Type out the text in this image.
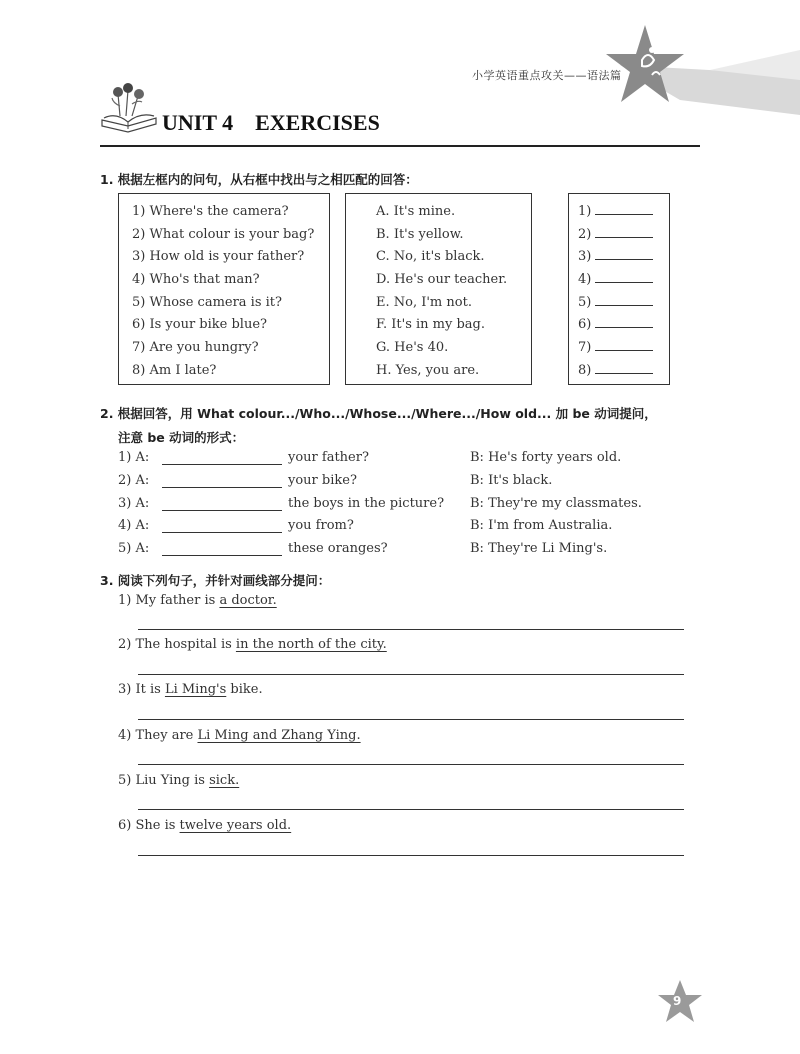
小学英语重点攻关——语法篇
UNIT 4    EXERCISES
1. 根据左框内的问句，从右框中找出与之相匹配的回答：
1) Where's the camera?
2) What colour is your bag?
3) How old is your father?
4) Who's that man?
5) Whose camera is it?
6) Is your bike blue?
7) Are you hungry?
8) Am I late?
A. It's mine.
B. It's yellow.
C. No, it's black.
D. He's our teacher.
E. No, I'm not.
F. It's in my bag.
G. He's 40.
H. Yes, you are.
1)
2)
3)
4)
5)
6)
7)
8)
2. 根据回答，用 What colour.../Who.../Whose.../Where.../How old... 加 be 动词提问，
注意 be 动词的形式：
1) A:	your father?	B: He's forty years old.
2) A:	your bike?	B: It's black.
3) A:	the boys in the picture? B: They're my classmates.
4) A:	you from?	B: I'm from Australia.
5) A:	these oranges?	B: They're Li Ming's.
3. 阅读下列句子，并针对画线部分提问：
1) My father is a doctor.
2) The hospital is in the north of the city.
3) It is Li Ming's bike.
4) They are Li Ming and Zhang Ying.
5) Liu Ying is sick.
6) She is twelve years old.
9
